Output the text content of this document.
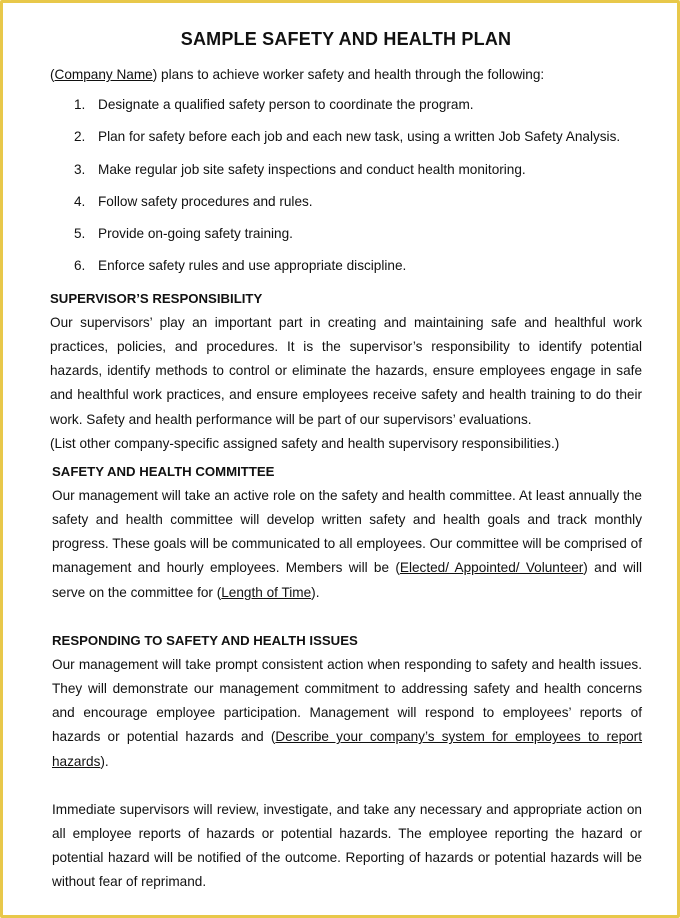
SAMPLE SAFETY AND HEALTH PLAN

(Company Name) plans to achieve worker safety and health through the following:

1. Designate a qualified safety person to coordinate the program.
2. Plan for safety before each job and each new task, using a written Job Safety Analysis.
3. Make regular job site safety inspections and conduct health monitoring.
4. Follow safety procedures and rules.
5. Provide on-going safety training.
6. Enforce safety rules and use appropriate discipline.
SUPERVISOR’S RESPONSIBILITY

Our supervisors’ play an important part in creating and maintaining safe and healthful work practices, policies, and procedures. It is the supervisor’s responsibility to identify potential hazards, identify methods to control or eliminate the hazards, ensure employees engage in safe and healthful work practices, and ensure employees receive safety and health training to do their work. Safety and health performance will be part of our supervisors’ evaluations.

(List other company-specific assigned safety and health supervisory responsibilities.)

SAFETY AND HEALTH COMMITTEE

Our management will take an active role on the safety and health committee. At least annually the safety and health committee will develop written safety and health goals and track monthly progress. These goals will be communicated to all employees. Our committee will be comprised of management and hourly employees. Members will be (Elected/ Appointed/ Volunteer) and will serve on the committee for (Length of Time).

RESPONDING TO SAFETY AND HEALTH ISSUES

Our management will take prompt consistent action when responding to safety and health issues. They will demonstrate our management commitment to addressing safety and health concerns and encourage employee participation. Management will respond to employees’ reports of hazards or potential hazards and (Describe your company’s system for employees to report hazards).

Immediate supervisors will review, investigate, and take any necessary and appropriate action on all employee reports of hazards or potential hazards. The employee reporting the hazard or potential hazard will be notified of the outcome. Reporting of hazards or potential hazards will be without fear of reprimand.
